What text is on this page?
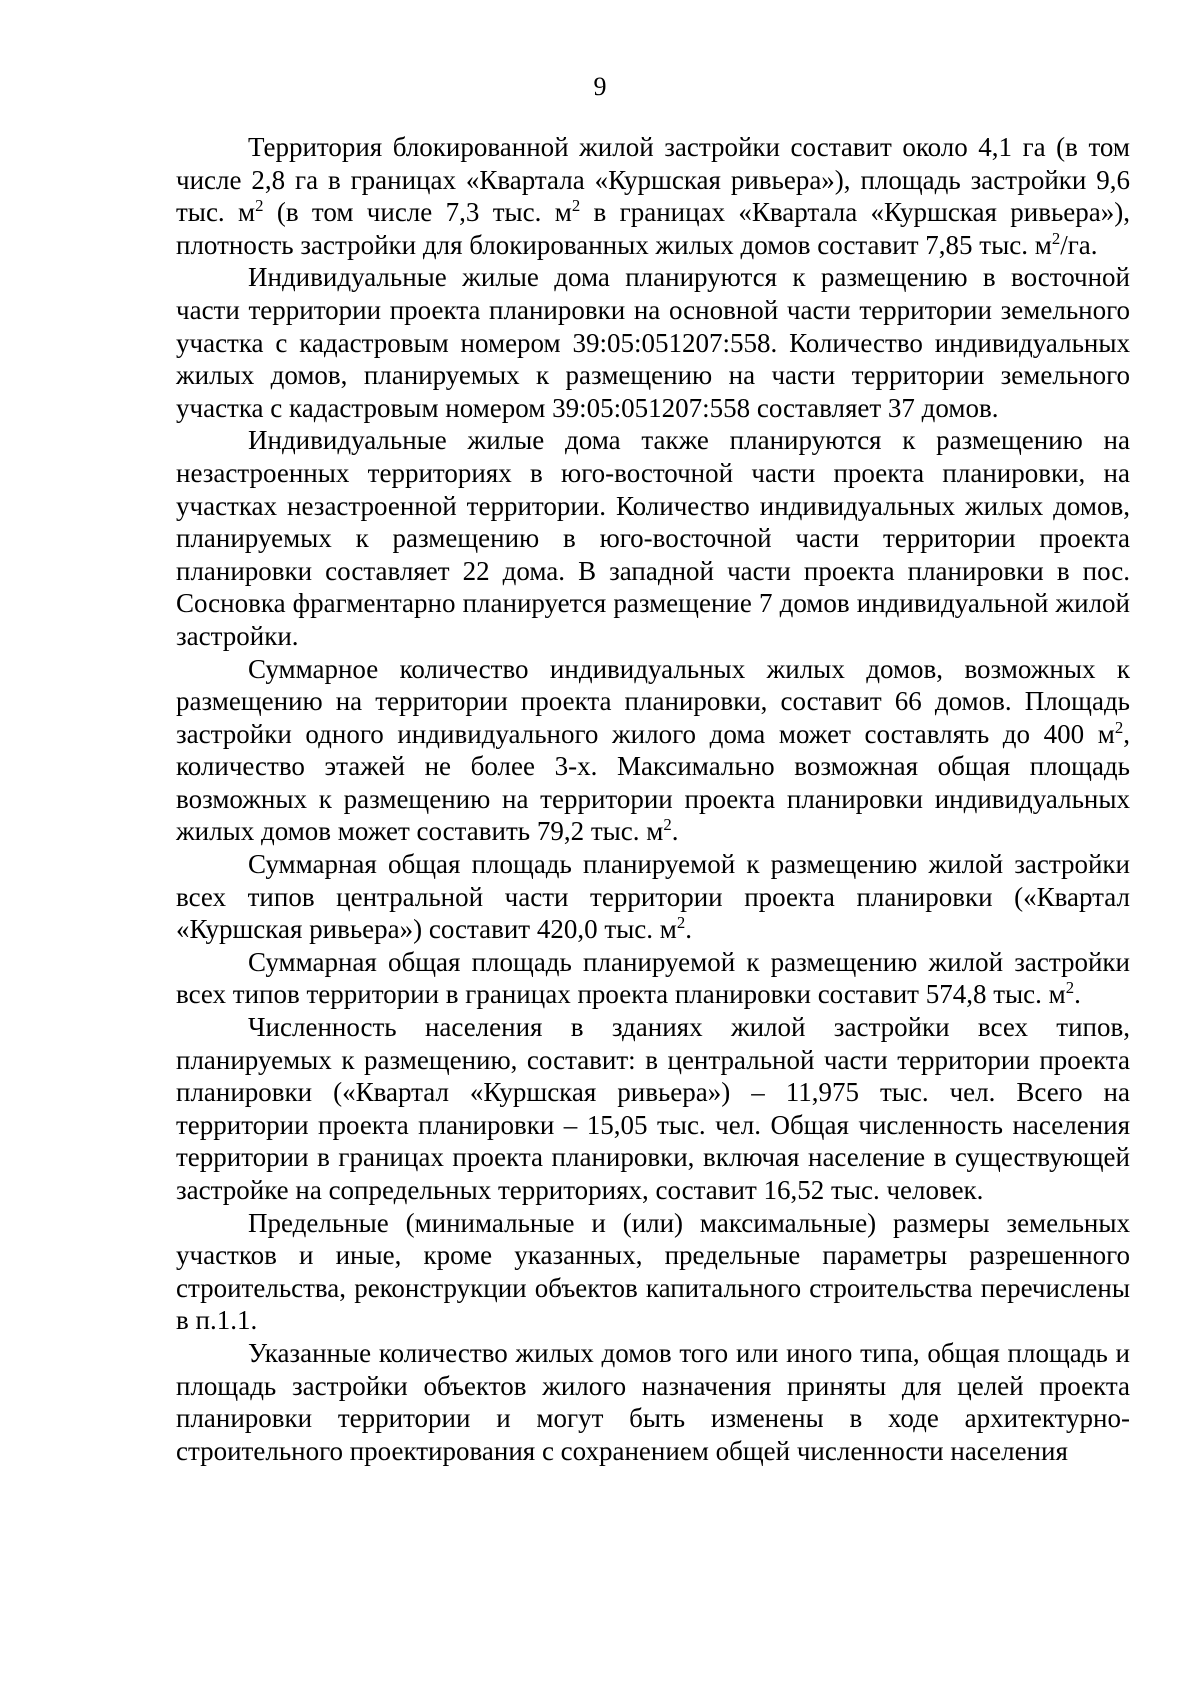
9

Территория блокированной жилой застройки составит около 4,1 га (в том числе 2,8 га в границах «Квартала «Куршская ривьера»), площадь застройки 9,6 тыс. $м^2$ (в том числе 7,3 тыс. $м^2$ в границах «Квартала «Куршская ривьера»), плотность застройки для блокированных жилых домов составит 7,85 тыс. $м^2/га$.

Индивидуальные жилые дома планируются к размещению в восточной части территории проекта планировки на основной части территории земельного участка с кадастровым номером 39:05:051207:558. Количество индивидуальных жилых домов, планируемых к размещению на части территории земельного участка с кадастровым номером 39:05:051207:558 составляет 37 домов.

Индивидуальные жилые дома также планируются к размещению на незастроенных территориях в юго-восточной части проекта планировки, на участках незастроенной территории. Количество индивидуальных жилых домов, планируемых к размещению в юго-восточной части территории проекта планировки составляет 22 дома. В западной части проекта планировки в пос. Сосновка фрагментарно планируется размещение 7 домов индивидуальной жилой застройки.

Суммарное количество индивидуальных жилых домов, возможных к размещению на территории проекта планировки, составит 66 домов. Площадь застройки одного индивидуального жилого дома может составлять до 400 $м^2$, количество этажей не более 3-х. Максимально возможная общая площадь возможных к размещению на территории проекта планировки индивидуальных жилых домов может составить 79,2 тыс. $м^2$.

Суммарная общая площадь планируемой к размещению жилой застройки всех типов центральной части территории проекта планировки («Квартал «Куршская ривьера») составит 420,0 тыс. $м^2$.

Суммарная общая площадь планируемой к размещению жилой застройки всех типов территории в границах проекта планировки составит 574,8 тыс. $м^2$.

Численность населения в зданиях жилой застройки всех типов, планируемых к размещению, составит: в центральной части территории проекта планировки («Квартал «Куршская ривьера») – 11,975 тыс. чел. Всего на территории проекта планировки – 15,05 тыс. чел. Общая численность населения территории в границах проекта планировки, включая население в существующей застройке на сопредельных территориях, составит 16,52 тыс. человек.

Предельные (минимальные и (или) максимальные) размеры земельных участков и иные, кроме указанных, предельные параметры разрешенного строительства, реконструкции объектов капитального строительства перечислены в п.1.1.

Указанные количество жилых домов того или иного типа, общая площадь и площадь застройки объектов жилого назначения приняты для целей проекта планировки территории и могут быть изменены в ходе архитектурно-строительного проектирования с сохранением общей численности населения
